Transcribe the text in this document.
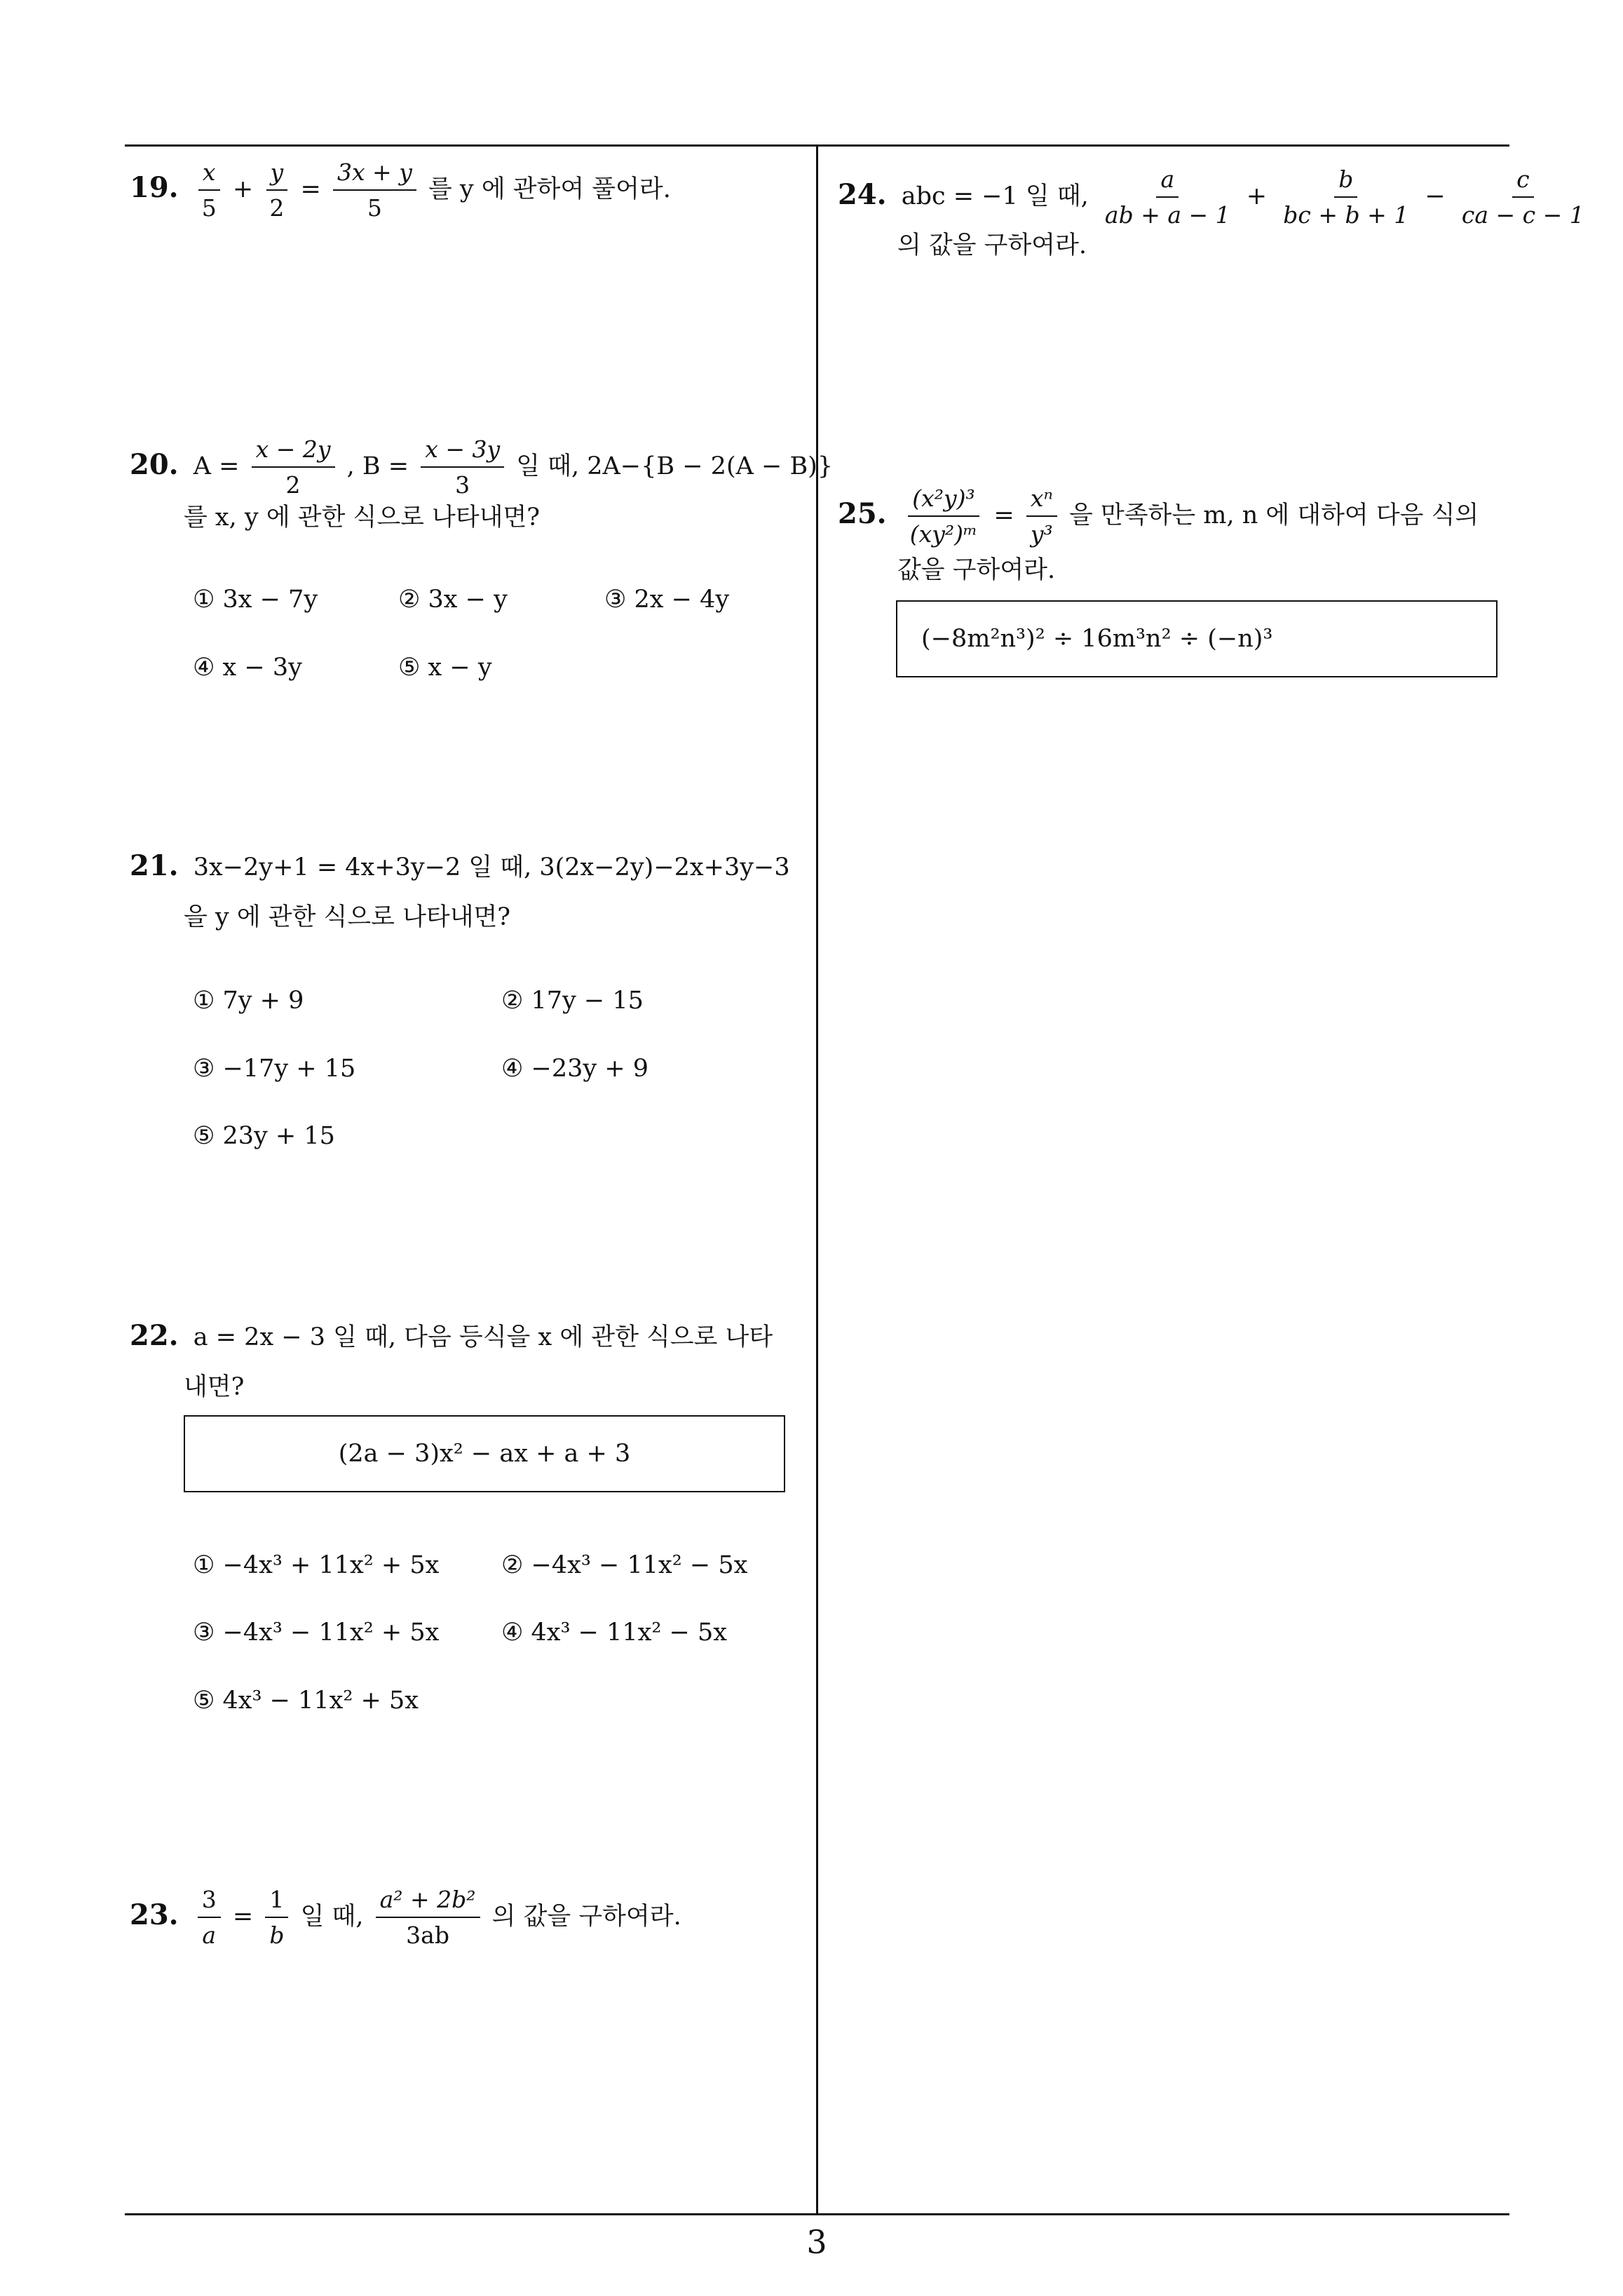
19. $\frac{x}{5} + \frac{y}{2} = \frac{3x + y}{5}$ 를 y 에 관하여 풀어라.
20. $A = \frac{x - 2y}{2}$ , $B = \frac{x - 3y}{3}$ 일 때, 2A−{B − 2(A − B)}
를 x, y 에 관한 식으로 나타내면?
① 3x − 7y	② 3x − y	③ 2x − 4y
④ x − 3y	⑤ x − y
21. 3x−2y+1 = 4x+3y−2 일 때, 3(2x−2y)−2x+3y−3
을 y 에 관한 식으로 나타내면?
① 7y + 9	② 17y − 15
③ −17y + 15	④ −23y + 9
⑤ 23y + 15
22. a = 2x − 3 일 때, 다음 등식을 x 에 관한 식으로 나타
내면?
(2a − 3)x² − ax + a + 3
① −4x³ + 11x² + 5x	② −4x³ − 11x² − 5x
③ −4x³ − 11x² + 5x	④ 4x³ − 11x² − 5x
⑤ 4x³ − 11x² + 5x
23. $\frac{3}{a} = \frac{1}{b}$ 일 때, $\frac{\text{a² + 2b²}}{3ab}$ 의 값을 구하여라.
24. abc = −1 일 때, $\frac{a}{ab + a - 1} + \frac{b}{bc + b + 1} - \frac{c}{ca - c - 1}$
의 값을 구하여라.
25. $\frac{\text{(x²y)³}}{\text{(xy²)ᵐ}} = \frac{\text{xⁿ}}{\text{y³}}$ 을 만족하는 m, n 에 대하여 다음 식의
값을 구하여라.
(−8m²n³)² ÷ 16m³n² ÷ (−n)³
3
